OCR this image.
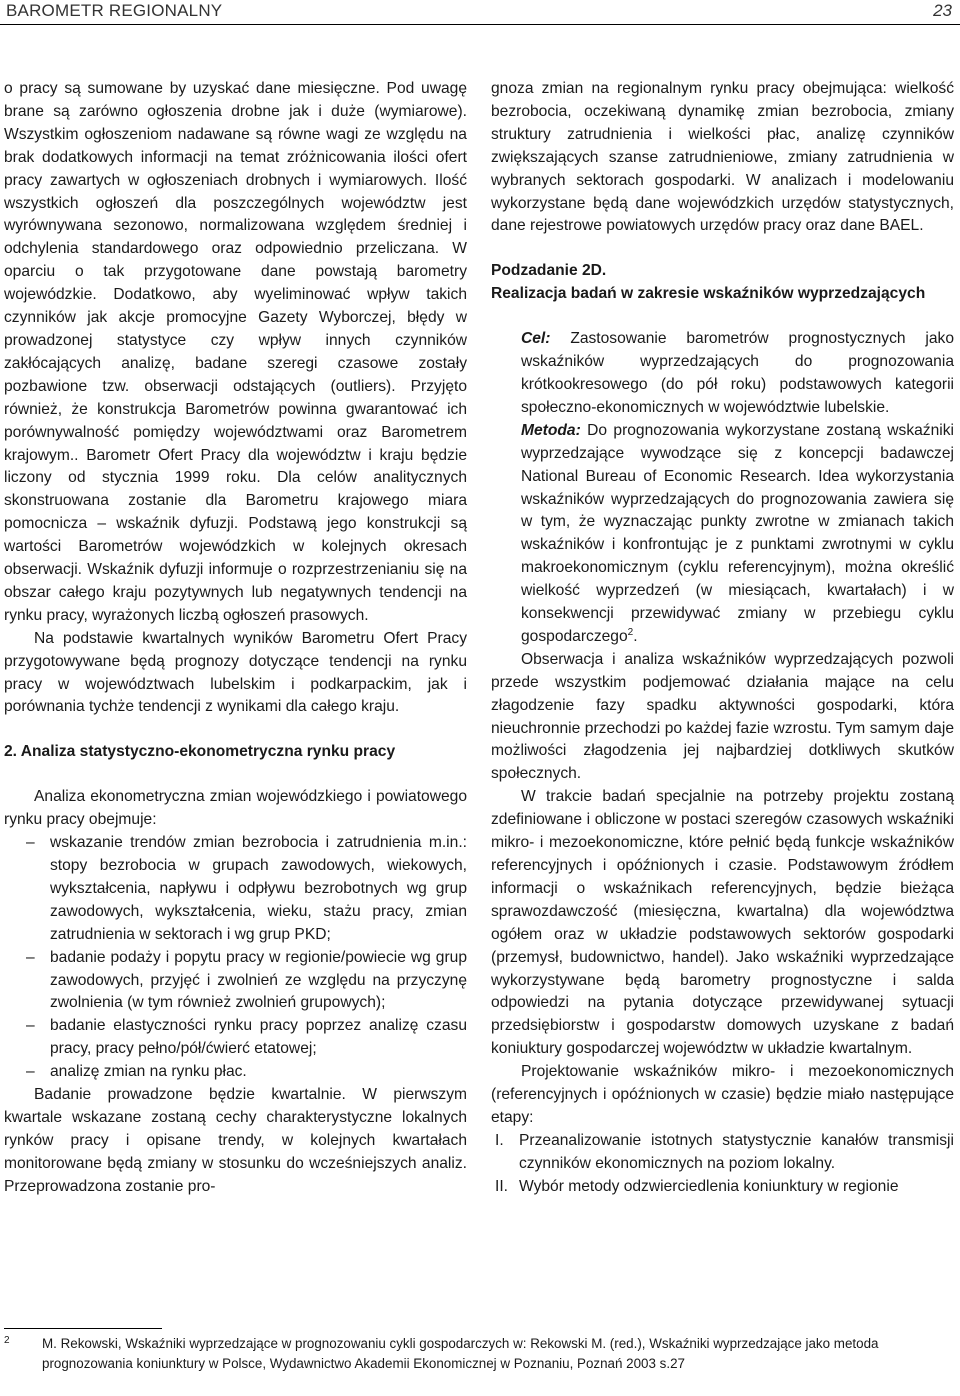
BAROMETR REGIONALNY	23

o pracy są sumowane by uzyskać dane miesięczne. Pod uwagę brane są zarówno ogłoszenia drobne jak i duże (wymiarowe). Wszystkim ogłoszeniom nadawane są równe wagi ze względu na brak dodatkowych informacji na temat zróżnicowania ilości ofert pracy zawartych w ogłoszeniach drobnych i wymiarowych. Ilość wszystkich ogłoszeń dla poszczególnych województw jest wyrównywana sezonowo, normalizowana względem średniej i odchylenia standardowego oraz odpowiednio przeliczana. W oparciu o tak przygotowane dane powstają barometry wojewódzkie. Dodatkowo, aby wyeliminować wpływ takich czynników jak akcje promocyjne Gazety Wyborczej, błędy w prowadzonej statystyce czy wpływ innych czynników zakłócających analizę, badane szeregi czasowe zostały pozbawione tzw. obserwacji odstających (outliers). Przyjęto również, że konstrukcja Barometrów powinna gwarantować ich porównywalność pomiędzy województwami oraz Barometrem krajowym.. Barometr Ofert Pracy dla województw i kraju będzie liczony od stycznia 1999 roku. Dla celów analitycznych skonstruowana zostanie dla Barometru krajowego miara pomocnicza – wskaźnik dyfuzji. Podstawą jego konstrukcji są wartości Barometrów wojewódzkich w kolejnych okresach obserwacji. Wskaźnik dyfuzji informuje o rozprzestrzenianiu się na obszar całego kraju pozytywnych lub negatywnych tendencji na rynku pracy, wyrażonych liczbą ogłoszeń prasowych.

Na podstawie kwartalnych wyników Barometru Ofert Pracy przygotowywane będą prognozy dotyczące tendencji na rynku pracy w województwach lubelskim i podkarpackim, jak i porównania tychże tendencji z wynikami dla całego kraju.

2. Analiza statystyczno-ekonometryczna rynku pracy

Analiza ekonometryczna zmian wojewódzkiego i powiatowego rynku pracy obejmuje:

– wskazanie trendów zmian bezrobocia i zatrudnienia m.in.: stopy bezrobocia w grupach zawodowych, wiekowych, wykształcenia, napływu i odpływu bezrobotnych wg grup zawodowych, wykształcenia, wieku, stażu pracy, zmian zatrudnienia w sektorach i wg grup PKD;
– badanie podaży i popytu pracy w regionie/powiecie wg grup zawodowych, przyjęć i zwolnień ze względu na przyczynę zwolnienia (w tym również zwolnień grupowych);
– badanie elastyczności rynku pracy poprzez analizę czasu pracy, pracy pełno/pół/ćwierć etatowej;
– analizę zmian na rynku płac.

Badanie prowadzone będzie kwartalnie. W pierwszym kwartale wskazane zostaną cechy charakterystyczne lokalnych rynków pracy i opisane trendy, w kolejnych kwartałach monitorowane będą zmiany w stosunku do wcześniejszych analiz. Przeprowadzona zostanie pro-

gnoza zmian na regionalnym rynku pracy obejmująca: wielkość bezrobocia, oczekiwaną dynamikę zmian bezrobocia, zmiany struktury zatrudnienia i wielkości płac, analizę czynników zwiększających szanse zatrudnieniowe, zmiany zatrudnienia w wybranych sektorach gospodarki. W analizach i modelowaniu wykorzystane będą dane wojewódzkich urzędów statystycznych, dane rejestrowe powiatowych urzędów pracy oraz dane BAEL.

Podzadanie 2D.

Realizacja badań w zakresie wskaźników wyprzedzających

Cel: Zastosowanie barometrów prognostycznych jako wskaźników wyprzedzających do prognozowania krótkookresowego (do pół roku) podstawowych kategorii społeczno-ekonomicznych w województwie lubelskie.

Metoda: Do prognozowania wykorzystane zostaną wskaźniki wyprzedzające wywodzące się z koncepcji badawczej National Bureau of Economic Research. Idea wykorzystania wskaźników wyprzedzających do prognozowania zawiera się w tym, że wyznaczając punkty zwrotne w zmianach takich wskaźników i konfrontując je z punktami zwrotnymi w cyklu makroekonomicznym (cyklu referencyjnym), można określić wielkość wyprzedzeń (w miesiącach, kwartałach) i w konsekwencji przewidywać zmiany w przebiegu cyklu gospodarczego$^2$.

Obserwacja i analiza wskaźników wyprzedzających pozwoli przede wszystkim podjemować działania mające na celu złagodzenie fazy spadku aktywności gospodarki, która nieuchronnie przechodzi po każdej fazie wzrostu. Tym samym daje możliwości złagodzenia jej najbardziej dotkliwych skutków społecznych.

W trakcie badań specjalnie na potrzeby projektu zostaną zdefiniowane i obliczone w postaci szeregów czasowych wskaźniki mikro- i mezoekonomiczne, które pełnić będą funkcje wskaźników referencyjnych i opóźnionych i czasie. Podstawowym źródłem informacji o wskaźnikach referencyjnych, będzie bieżąca sprawozdawczość (miesięczna, kwartalna) dla województwa ogółem oraz w układzie podstawowych sektorów gospodarki (przemysł, budownictwo, handel). Jako wskaźniki wyprzedzające wykorzystywane będą barometry prognostyczne i salda odpowiedzi na pytania dotyczące przewidywanej sytuacji przedsiębiorstw i gospodarstw domowych uzyskane z badań koniuktury gospodarczej województw w układzie kwartalnym.

Projektowanie wskaźników mikro- i mezoekonomicznych (referencyjnych i opóźnionych w czasie) będzie miało następujące etapy:

I. Przeanalizowanie istotnych statystycznie kanałów transmisji czynników ekonomicznych na poziom lokalny.
II. Wybór metody odzwierciedlenia koniunktury w regionie
2	M. Rekowski, Wskaźniki wyprzedzające w prognozowaniu cykli gospodarczych w: Rekowski M. (red.), Wskaźniki wyprzedzające jako metoda prognozowania koniunktury w Polsce, Wydawnictwo Akademii Ekonomicznej w Poznaniu, Poznań 2003 s.27
